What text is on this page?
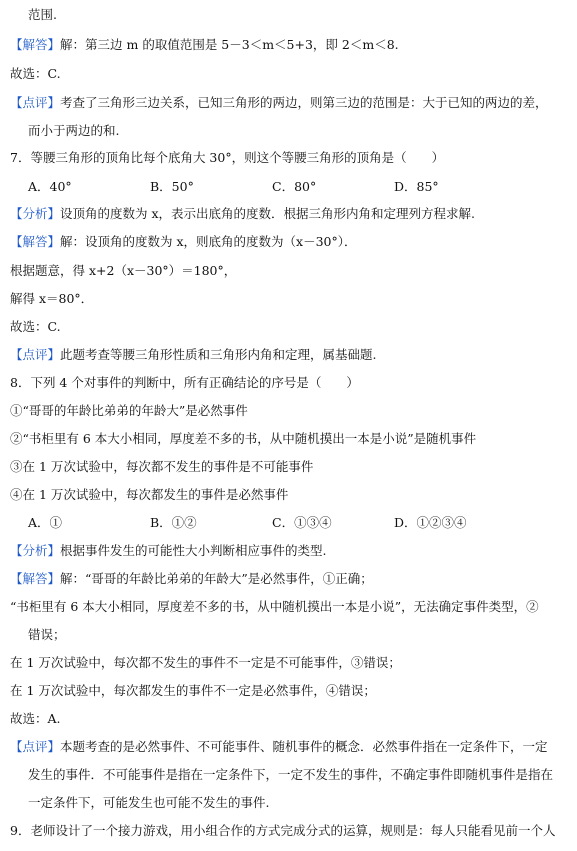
范围.
【解答】解：第三边 m 的取值范围是 5－3＜m＜5+3，即 2＜m＜8.
故选：C.
【点评】考查了三角形三边关系，已知三角形的两边，则第三边的范围是：大于已知的两边的差，
而小于两边的和.
7．等腰三角形的顶角比每个底角大 30°，则这个等腰三角形的顶角是（　　）
A．40°	B．50°	C．80°	D．85°
【分析】设顶角的度数为 x，表示出底角的度数．根据三角形内角和定理列方程求解.
【解答】解：设顶角的度数为 x，则底角的度数为（x－30°）．
根据题意，得 x+2（x－30°）＝180°，
解得 x＝80°．
故选：C.
【点评】此题考查等腰三角形性质和三角形内角和定理，属基础题.
8．下列 4 个对事件的判断中，所有正确结论的序号是（　　）
①“哥哥的年龄比弟弟的年龄大”是必然事件
②“书柜里有 6 本大小相同，厚度差不多的书，从中随机摸出一本是小说”是随机事件
③在 1 万次试验中，每次都不发生的事件是不可能事件
④在 1 万次试验中，每次都发生的事件是必然事件
A．①	B．①②	C．①③④	D．①②③④
【分析】根据事件发生的可能性大小判断相应事件的类型.
【解答】解：“哥哥的年龄比弟弟的年龄大”是必然事件，①正确；
“书柜里有 6 本大小相同，厚度差不多的书，从中随机摸出一本是小说”，无法确定事件类型，②
错误；
在 1 万次试验中，每次都不发生的事件不一定是不可能事件，③错误；
在 1 万次试验中，每次都发生的事件不一定是必然事件，④错误；
故选：A.
【点评】本题考查的是必然事件、不可能事件、随机事件的概念．必然事件指在一定条件下，一定
发生的事件．不可能事件是指在一定条件下，一定不发生的事件，不确定事件即随机事件是指在
一定条件下，可能发生也可能不发生的事件.
9．老师设计了一个接力游戏，用小组合作的方式完成分式的运算，规则是：每人只能看见前一个人
